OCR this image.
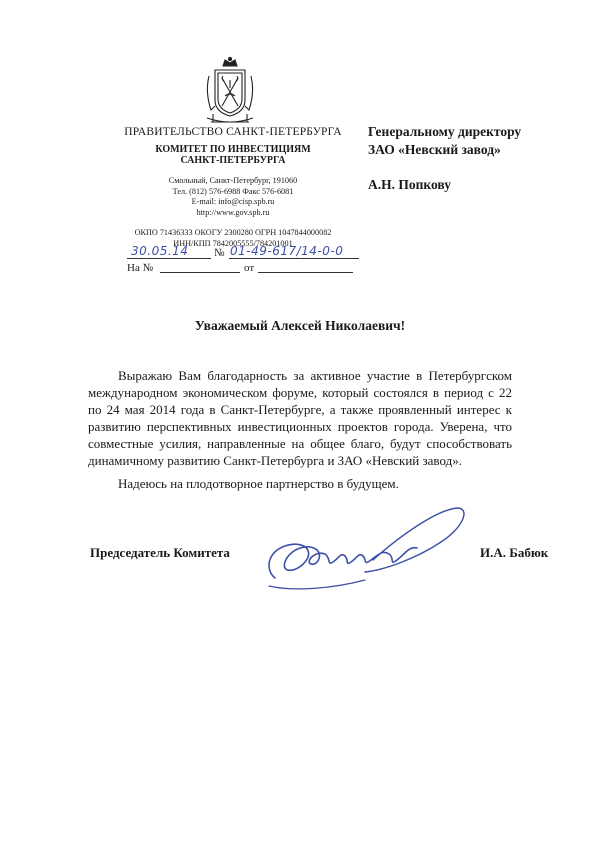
ПРАВИТЕЛЬСТВО САНКТ-ПЕТЕРБУРГА
КОМИТЕТ ПО ИНВЕСТИЦИЯМ
САНКТ-ПЕТЕРБУРГА
Смольный, Санкт-Петербург, 191060
Тел. (812) 576-6988 Факс 576-6081
E-mail: info@cisp.spb.ru
http://www.gov.spb.ru
ОКПО 71436333 ОКОГУ 2300280 ОГРН 1047844000082
ИНН/КПП 7842005555/784201001
Генеральному директору
ЗАО «Невский завод»
А.Н. Попкову
30.05.14 № 01-49-617/14-0-0
На №	от
Уважаемый Алексей Николаевич!

Выражаю Вам благодарность за активное участие в Петербургском международном экономическом форуме, который состоялся в период с 22 по 24 мая 2014 года в Санкт-Петербурге, а также проявленный интерес к развитию перспективных инвестиционных проектов города. Уверена, что совместные усилия, направленные на общее благо, будут способствовать динамичному развитию Санкт-Петербурга и ЗАО «Невский завод».

Надеюсь на плодотворное партнерство в будущем.

Председатель Комитета	И.А. Бабюк
